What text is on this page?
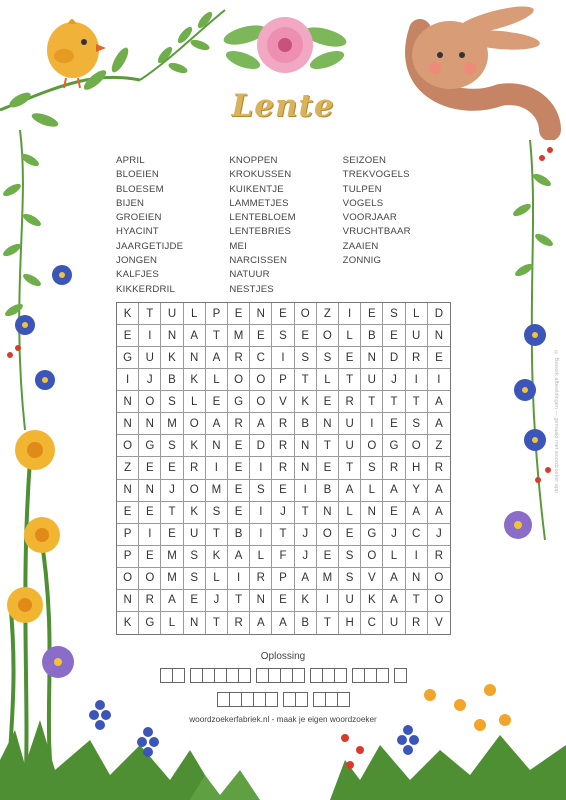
Lente
APRIL
BLOEIEN
BLOESEM
BIJEN
GROEIEN
HYACINT
JAARGETIJDE
JONGEN
KALFJES
KIKKERDRIL
KNOPPEN
KROKUSSEN
KUIKENTJE
LAMMETJES
LENTEBLOEM
LENTEBRIES
MEI
NARCISSEN
NATUUR
NESTJES
SEIZOEN
TREKVOGELS
TULPEN
VOGELS
VOORJAAR
VRUCHTBAAR
ZAAIEN
ZONNIG
K	T	U	L	P	E	N	E	O	Z	I	E	S	L	D
E	I	N	A	T	M	E	S	E	O	L	B	E	U	N
G	U	K	N	A	R	C	I	S	S	E	N	D	R	E
I	J	B	K	L	O	O	P	T	L	T	U	J	I	I
N	O	S	L	E	G	O	V	K	E	R	T	T	T	A
N	N	M	O	A	R	A	R	B	N	U	I	E	S	A
O	G	S	K	N	E	D	R	N	T	U	O	G	O	Z
Z	E	E	R	I	E	I	R	N	E	T	S	R	H	R
N	N	J	O	M	E	S	E	I	B	A	L	A	Y	A
E	E	T	K	S	E	I	J	T	N	L	N	E	A	A
P	I	E	U	T	B	I	T	J	O	E	G	J	C	J
P	E	M	S	K	A	L	F	J	E	S	O	L	I	R
O	O	M	S	L	I	R	P	A	M	S	V	A	N	O
N	R	A	E	J	T	N	E	K	I	U	K	A	T	O
K	G	L	N	T	R	A	A	B	T	H	C	U	R	V
Oplossing
woordzoekerfabriek.nl - maak je eigen woordzoeker
© Bewerk afbeeldingen — gemaakt met woordzoeker app
